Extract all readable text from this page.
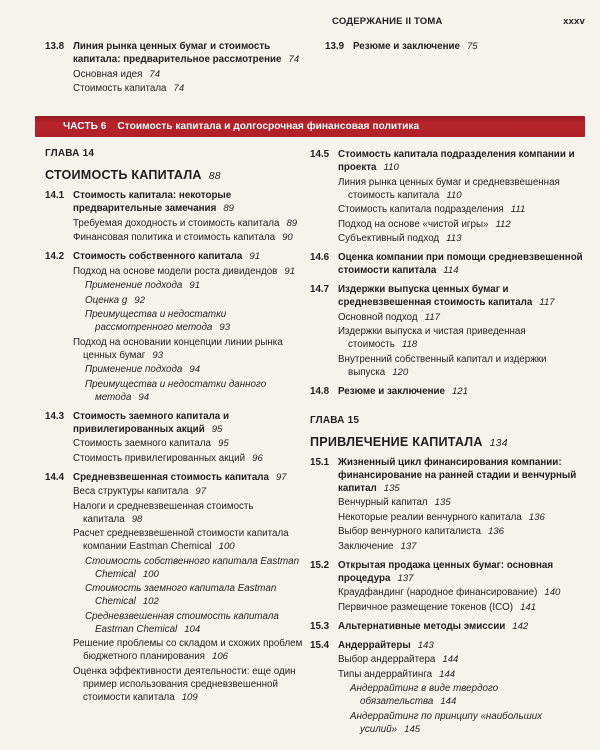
СОДЕРЖАНИЕ II ТОМА	xxxv
13.8 Линия рынка ценных бумаг и стоимость капитала: предварительное рассмотрение 74
Основная идея 74
Стоимость капитала 74
13.9 Резюме и заключение 75
ЧАСТЬ 6 Стоимость капитала и долгосрочная финансовая политика
ГЛАВА 14
СТОИМОСТЬ КАПИТАЛА 88
14.1 Стоимость капитала: некоторые предварительные замечания 89
Требуемая доходность и стоимость капитала 89
Финансовая политика и стоимость капитала 90
14.2 Стоимость собственного капитала 91
Подход на основе модели роста дивидендов 91
Применение подхода 91
Оценка g 92
Преимущества и недостатки рассмотренного метода 93
Подход на основании концепции линии рынка ценных бумаг 93
Применение подхода 94
Преимущества и недостатки данного метода 94
14.3 Стоимость заемного капитала и привилегированных акций 95
Стоимость заемного капитала 95
Стоимость привилегированных акций 96
14.4 Средневзвешенная стоимость капитала 97
Веса структуры капитала 97
Налоги и средневзвешенная стоимость капитала 98
Расчет средневзвешенной стоимости капитала компании Eastman Chemical 100
Стоимость собственного капитала Eastman Chemical 100
Стоимость заемного капитала Eastman Chemical 102
Средневзвешенная стоимость капитала Eastman Chemical 104
Решение проблемы со складом и схожих проблем бюджетного планирования 106
Оценка эффективности деятельности: еще один пример использования средневзвешенной стоимости капитала 109
14.5 Стоимость капитала подразделения компании и проекта 110
Линия рынка ценных бумаг и средневзвешенная стоимость капитала 110
Стоимость капитала подразделения 111
Подход на основе «чистой игры» 112
Субъективный подход 113
14.6 Оценка компании при помощи средневзвешенной стоимости капитала 114
14.7 Издержки выпуска ценных бумаг и средневзвешенная стоимость капитала 117
Основной подход 117
Издержки выпуска и чистая приведенная стоимость 118
Внутренний собственный капитал и издержки выпуска 120
14.8 Резюме и заключение 121
ГЛАВА 15
ПРИВЛЕЧЕНИЕ КАПИТАЛА 134
15.1 Жизненный цикл финансирования компании: финансирование на ранней стадии и венчурный капитал 135
Венчурный капитал 135
Некоторые реалии венчурного капитала 136
Выбор венчурного капиталиста 136
Заключение 137
15.2 Открытая продажа ценных бумаг: основная процедура 137
Краудфандинг (народное финансирование) 140
Первичное размещение токенов (ICO) 141
15.3 Альтернативные методы эмиссии 142
15.4 Андеррайтеры 143
Выбор андеррайтера 144
Типы андеррайтинга 144
Андеррайтинг в виде твердого обязательства 144
Андеррайтинг по принципу «наибольших усилий» 145
